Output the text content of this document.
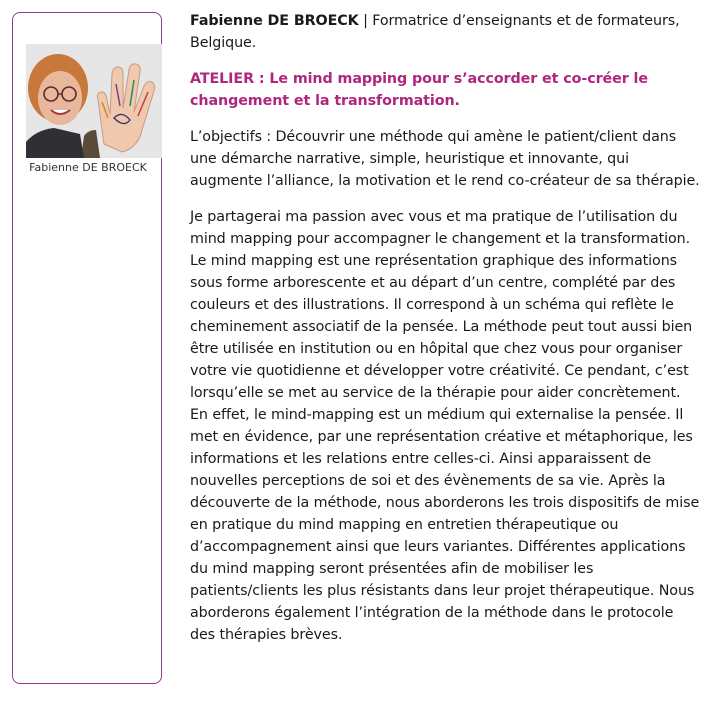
Fabienne DE BROECK

Fabienne DE BROECK | Formatrice d’enseignants et de formateurs, Belgique.

ATELIER : Le mind mapping pour s’accorder et co-créer le changement et la transformation.

L’objectifs : Découvrir une méthode qui amène le patient/client dans une démarche narrative, simple, heuristique et innovante, qui augmente l’alliance, la motivation et le rend co-créateur de sa thérapie.

Je partagerai ma passion avec vous et ma pratique de l’utilisation du mind mapping pour accompagner le changement et la transformation. Le mind mapping est une représentation graphique des informations sous forme arborescente et au départ d’un centre, complété par des couleurs et des illustrations. Il correspond à un schéma qui reflète le cheminement associatif de la pensée. La méthode peut tout aussi bien être utilisée en institution ou en hôpital que chez vous pour organiser votre vie quotidienne et développer votre créativité. Ce pendant, c’est lorsqu’elle se met au service de la thérapie pour aider concrètement. En effet, le mind-mapping est un médium qui externalise la pensée. Il met en évidence, par une représentation créative et métaphorique, les informations et les relations entre celles-ci. Ainsi apparaissent de nouvelles perceptions de soi et des évènements de sa vie. Après la découverte de la méthode, nous aborderons les trois dispositifs de mise en pratique du mind mapping en entretien thérapeutique ou d’accompagnement ainsi que leurs variantes. Différentes applications du mind mapping seront présentées afin de mobiliser les patients/clients les plus résistants dans leur projet thérapeutique. Nous aborderons également l’intégration de la méthode dans le protocole des thérapies brèves.
